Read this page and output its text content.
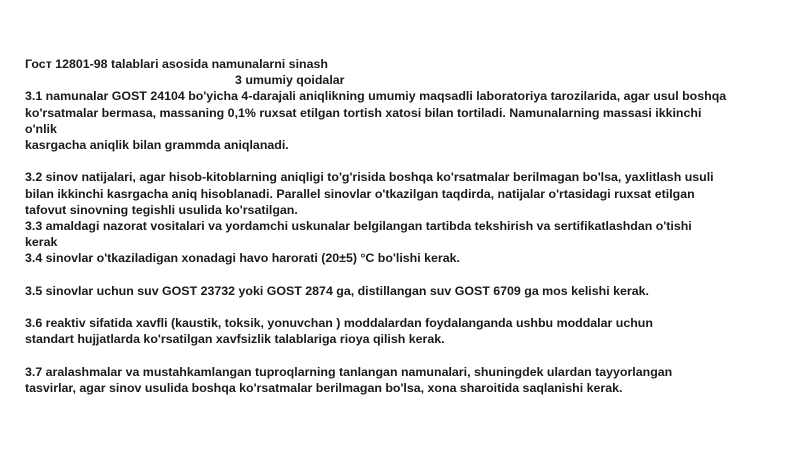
Гост 12801-98 talablari asosida namunalarni sinash

3 umumiy qoidalar

3.1 namunalar GOST 24104 bo'yicha 4-darajali aniqlikning umumiy maqsadli laboratoriya tarozilarida, agar usul boshqa

ko'rsatmalar bermasa, massaning 0,1% ruxsat etilgan tortish xatosi bilan tortiladi. Namunalarning massasi ikkinchi

o'nlik

kasrgacha aniqlik bilan grammda aniqlanadi.

3.2 sinov natijalari, agar hisob-kitoblarning aniqligi to'g'risida boshqa ko'rsatmalar berilmagan bo'lsa, yaxlitlash usuli

bilan ikkinchi kasrgacha aniq hisoblanadi. Parallel sinovlar o'tkazilgan taqdirda, natijalar o'rtasidagi ruxsat etilgan

tafovut sinovning tegishli usulida ko'rsatilgan.

3.3 amaldagi nazorat vositalari va yordamchi uskunalar belgilangan tartibda tekshirish va sertifikatlashdan o'tishi

kerak

3.4 sinovlar o'tkaziladigan xonadagi havo harorati (20±5) °C bo'lishi kerak.

3.5 sinovlar uchun suv GOST 23732 yoki GOST 2874 ga, distillangan suv GOST 6709 ga mos kelishi kerak.

3.6 reaktiv sifatida xavfli (kaustik, toksik, yonuvchan ) moddalardan foydalanganda ushbu moddalar uchun

standart hujjatlarda ko'rsatilgan xavfsizlik talablariga rioya qilish kerak.

3.7 aralashmalar va mustahkamlangan tuproqlarning tanlangan namunalari, shuningdek ulardan tayyorlangan

tasvirlar, agar sinov usulida boshqa ko'rsatmalar berilmagan bo'lsa, xona sharoitida saqlanishi kerak.
